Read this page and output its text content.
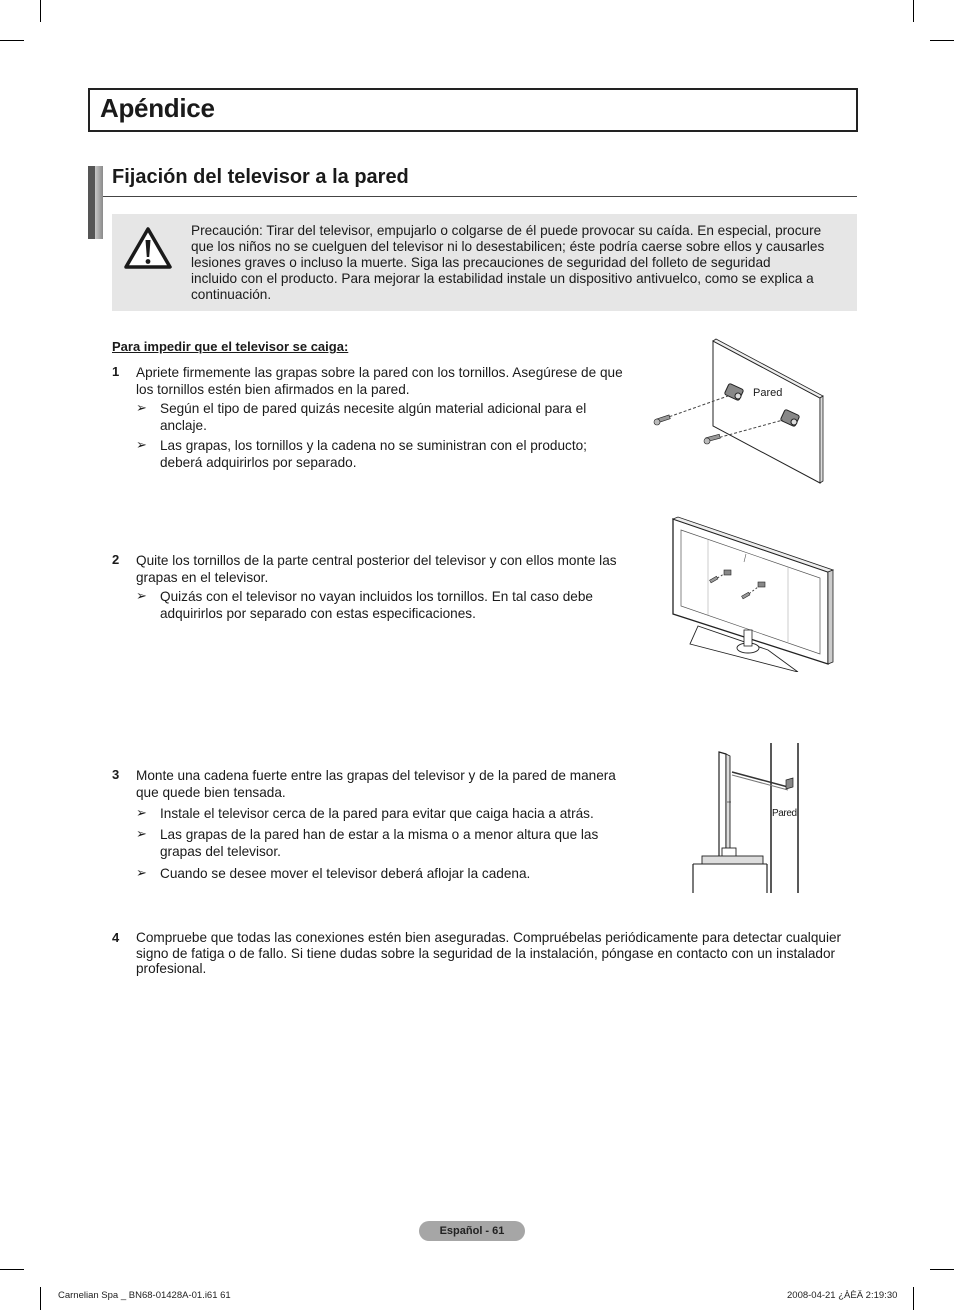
Apéndice
Fijación del televisor a la pared
Precaución: Tirar del televisor, empujarlo o colgarse de él puede provocar su caída. En especial, procure
que los niños no se cuelguen del televisor ni lo desestabilicen; éste podría caerse sobre ellos y causarles
lesiones graves o incluso la muerte. Siga las precauciones de seguridad del folleto de seguridad
incluido con el producto. Para mejorar la estabilidad instale un dispositivo antivuelco, como se explica a
continuación.
Para impedir que el televisor se caiga:
1 Apriete firmemente las grapas sobre la pared con los tornillos. Asegúrese de que
los tornillos estén bien afirmados en la pared.
➢ Según el tipo de pared quizás necesite algún material adicional para el
anclaje.
➢ Las grapas, los tornillos y la cadena no se suministran con el producto;
deberá adquirirlos por separado.
2 Quite los tornillos de la parte central posterior del televisor y con ellos monte las
grapas en el televisor.
➢ Quizás con el televisor no vayan incluidos los tornillos. En tal caso debe
adquirirlos por separado con estas especificaciones.
3 Monte una cadena fuerte entre las grapas del televisor y de la pared de manera
que quede bien tensada.
➢ Instale el televisor cerca de la pared para evitar que caiga hacia a atrás.
➢ Las grapas de la pared han de estar a la misma o a menor altura que las
grapas del televisor.
➢ Cuando se desee mover el televisor deberá aflojar la cadena.
4 Compruebe que todas las conexiones estén bien aseguradas. Compruébelas periódicamente para detectar cualquier
signo de fatiga o de fallo. Si tiene dudas sobre la seguridad de la instalación, póngase en contacto con un instalador
profesional.
Pared
Pared
Español - 61
Carnelian Spa _ BN68-01428A-01.i61 61	2008-04-21 ¿ÀÈÄ 2:19:30
